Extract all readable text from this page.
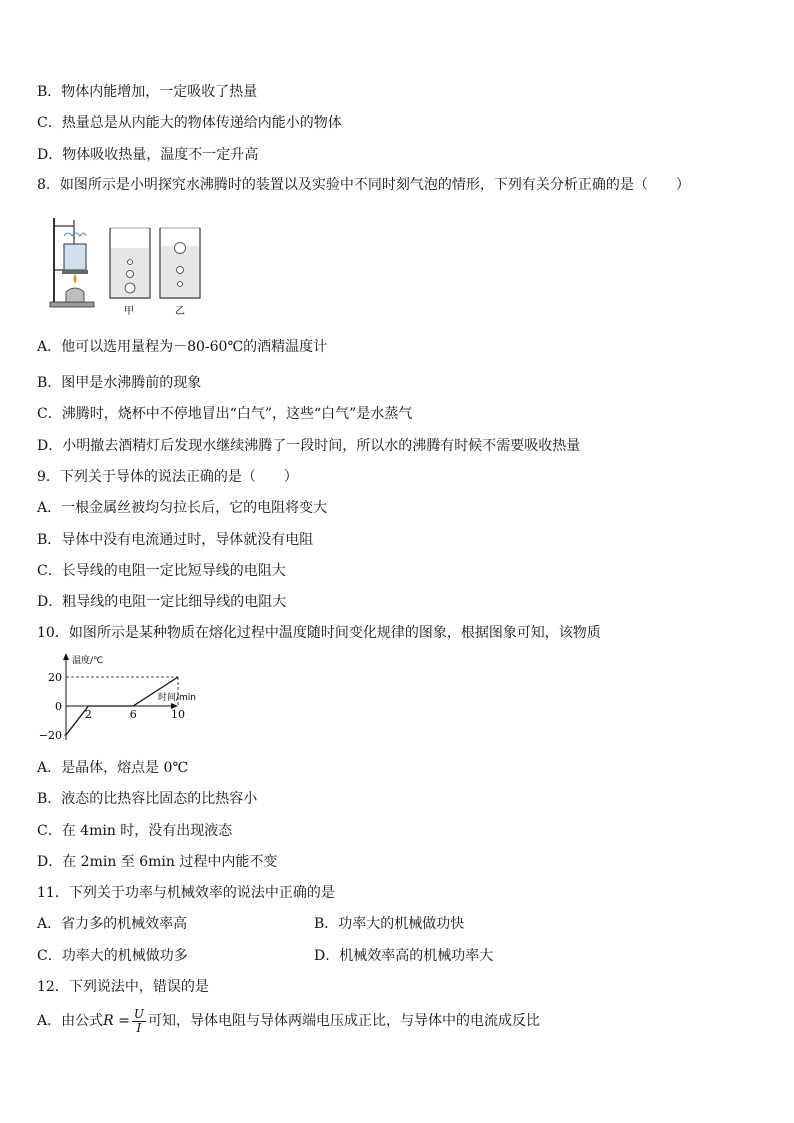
B．物体内能增加，一定吸收了热量
C．热量总是从内能大的物体传递给内能小的物体
D．物体吸收热量，温度不一定升高
8．如图所示是小明探究水沸腾时的装置以及实验中不同时刻气泡的情形，下列有关分析正确的是（　　）
甲	乙
A．他可以选用量程为－80-60℃的酒精温度计
B．图甲是水沸腾前的现象
C．沸腾时，烧杯中不停地冒出“白气”，这些“白气”是水蒸气
D．小明撤去酒精灯后发现水继续沸腾了一段时间，所以水的沸腾有时候不需要吸收热量
9．下列关于导体的说法正确的是（　　）
A．一根金属丝被均匀拉长后，它的电阻将变大
B．导体中没有电流通过时，导体就没有电阻
C．长导线的电阻一定比短导线的电阻大
D．粗导线的电阻一定比细导线的电阻大
10．如图所示是某种物质在熔化过程中温度随时间变化规律的图象，根据图象可知，该物质
温度/℃
时间/min
2	6	10
20
0
−20
A．是晶体，熔点是 0℃
B．液态的比热容比固态的比热容小
C．在 4min 时，没有出现液态
D．在 2min 至 6min 过程中内能不变
11．下列关于功率与机械效率的说法中正确的是
A．省力多的机械效率高	B．功率大的机械做功快
C．功率大的机械做功多	D．机械效率高的机械功率大
12．下列说法中，错误的是
A．由公式$R = \frac{U}{I}$ 可知，导体电阻与导体两端电压成正比，与导体中的电流成反比
